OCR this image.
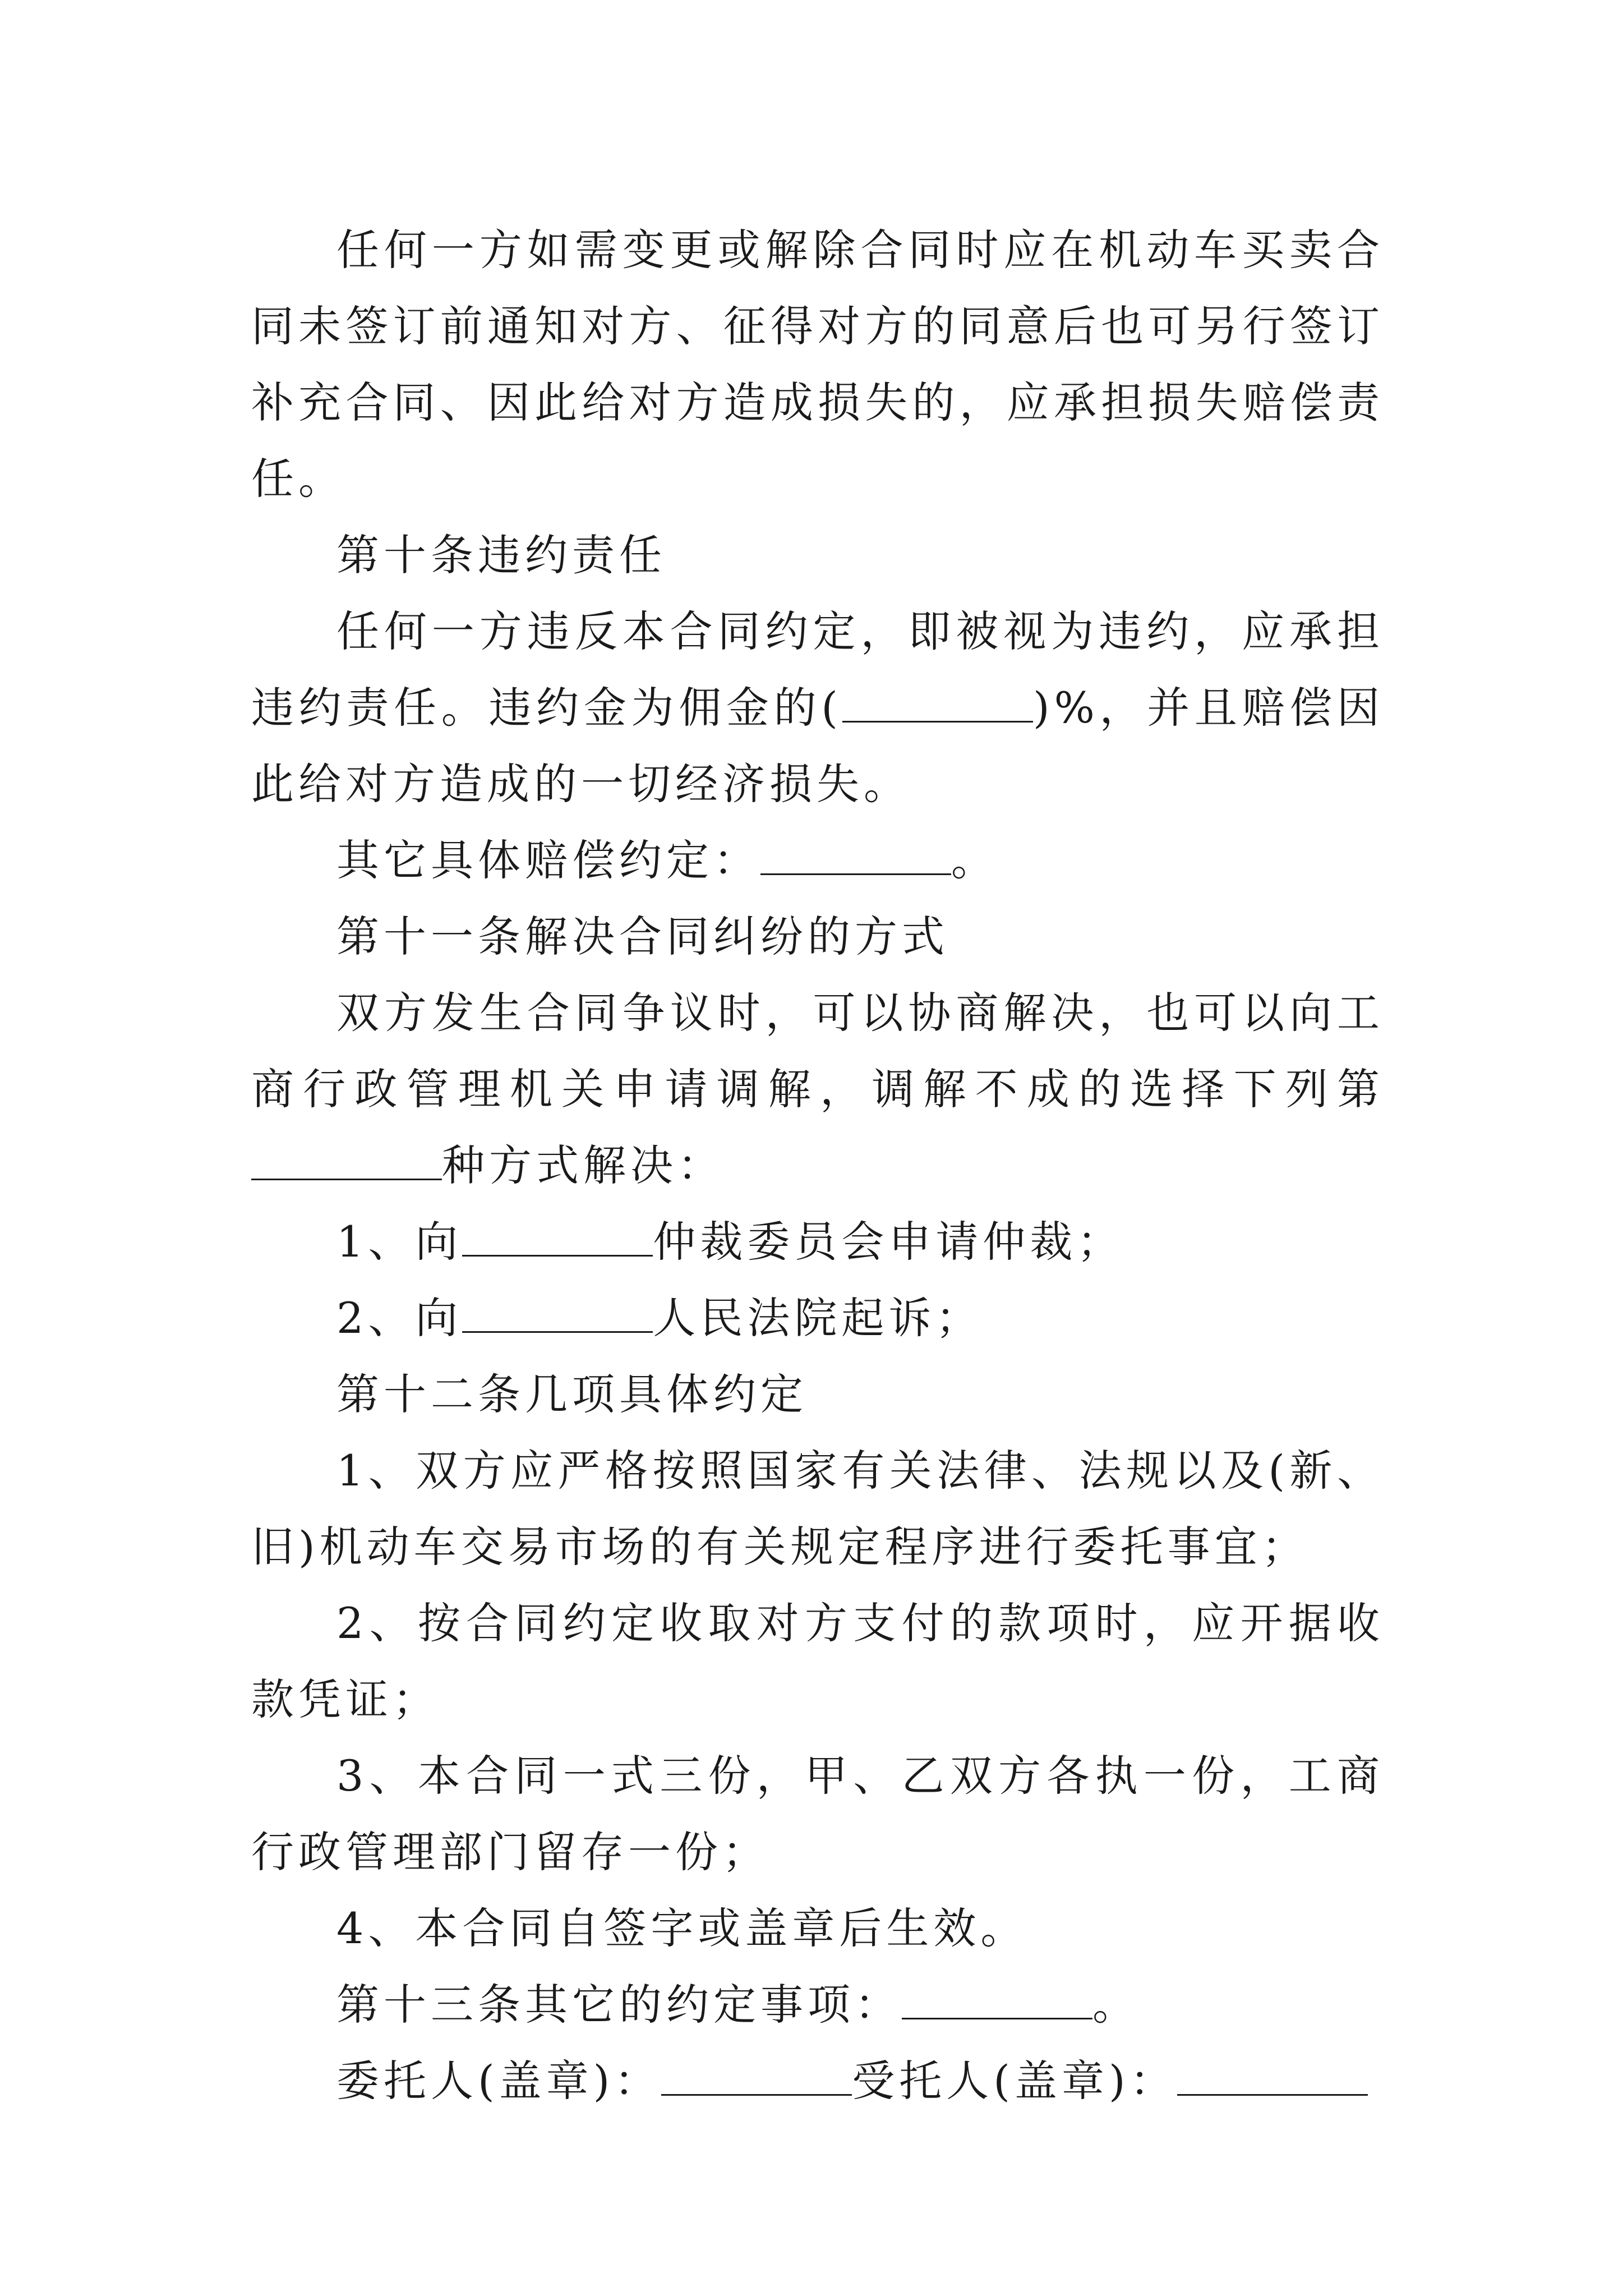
任何一方如需变更或解除合同时应在机动车买卖合同未签订前通知对方、征得对方的同意后也可另行签订补充合同、因此给对方造成损失的，应承担损失赔偿责任。

第十条违约责任

任何一方违反本合同约定，即被视为违约，应承担违约责任。违约金为佣金的(	)%，并且赔偿因此给对方造成的一切经济损失。

其它具体赔偿约定：	。

第十一条解决合同纠纷的方式

双方发生合同争议时，可以协商解决，也可以向工商行政管理机关申请调解，调解不成的选择下列第种方式解决：

1、向	仲裁委员会申请仲裁；

2、向	人民法院起诉；

第十二条几项具体约定

1、双方应严格按照国家有关法律、法规以及(新、旧)机动车交易市场的有关规定程序进行委托事宜；

2、按合同约定收取对方支付的款项时，应开据收款凭证；

3、本合同一式三份，甲、乙双方各执一份，工商行政管理部门留存一份；

4、本合同自签字或盖章后生效。

第十三条其它的约定事项：	。

委托人(盖章)：	受托人(盖章)：
